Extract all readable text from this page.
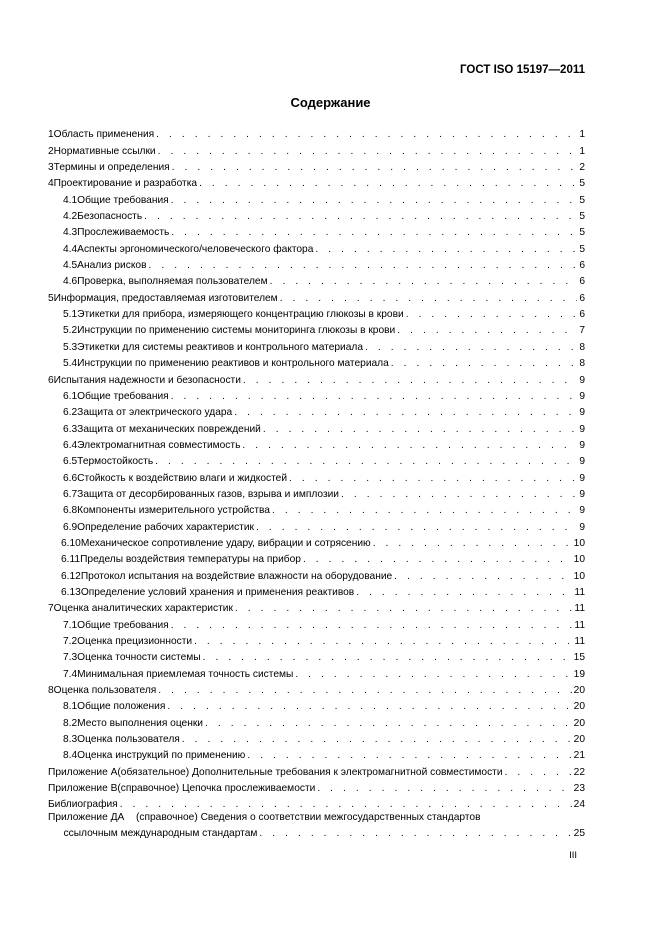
ГОСТ ISO 15197—2011
Содержание
1 Область применения . . .	1
2 Нормативные ссылки . . .	1
3 Термины и определения . . .	2
4 Проектирование и разработка . . .	5
4.1 Общие требования . . .	5
4.2 Безопасность . . .	5
4.3 Прослеживаемость . . .	5
4.4 Аспекты эргономического/человеческого фактора . . .	5
4.5 Анализ рисков . . .	6
4.6 Проверка, выполняемая пользователем . . .	6
5 Информация, предоставляемая изготовителем . . .	6
5.1 Этикетки для прибора, измеряющего концентрацию глюкозы в крови . . .	6
5.2 Инструкции по применению системы мониторинга глюкозы в крови . . .	7
5.3 Этикетки для системы реактивов и контрольного материала . . .	8
5.4 Инструкции по применению реактивов и контрольного материала . . .	8
6 Испытания надежности и безопасности . . .	9
6.1 Общие требования . . .	9
6.2 Защита от электрического удара . . .	9
6.3 Защита от механических повреждений . . .	9
6.4 Электромагнитная совместимость . . .	9
6.5 Термостойкость . . .	9
6.6 Стойкость к воздействию влаги и жидкостей . . .	9
6.7 Защита от десорбированных газов, взрыва и имплозии . . .	9
6.8 Компоненты измерительного устройства . . .	9
6.9 Определение рабочих характеристик . . .	9
6.10 Механическое сопротивление удару, вибрации и сотрясению . . .	10
6.11 Пределы воздействия температуры на прибор . . .	10
6.12 Протокол испытания на воздействие влажности на оборудование . . .	10
6.13 Определение условий хранения и применения реактивов . . .	11
7 Оценка аналитических характеристик . . .	11
7.1 Общие требования . . .	11
7.2 Оценка прецизионности . . .	11
7.3 Оценка точности системы . . .	15
7.4 Минимальная приемлемая точность системы . . .	19
8 Оценка пользователя . . .	20
8.1 Общие положения . . .	20
8.2 Место выполнения оценки . . .	20
8.3 Оценка пользователя . . .	20
8.4 Оценка инструкций по применению . . .	21
Приложение А (обязательное) Дополнительные требования к электромагнитной совместимости . . .	22
Приложение В (справочное) Цепочка прослеживаемости . . .	23
Библиография . . .	24
Приложение ДА (справочное) Сведения о соответствии межгосударственных стандартов
ссылочным международным стандартам . . .	25
III
